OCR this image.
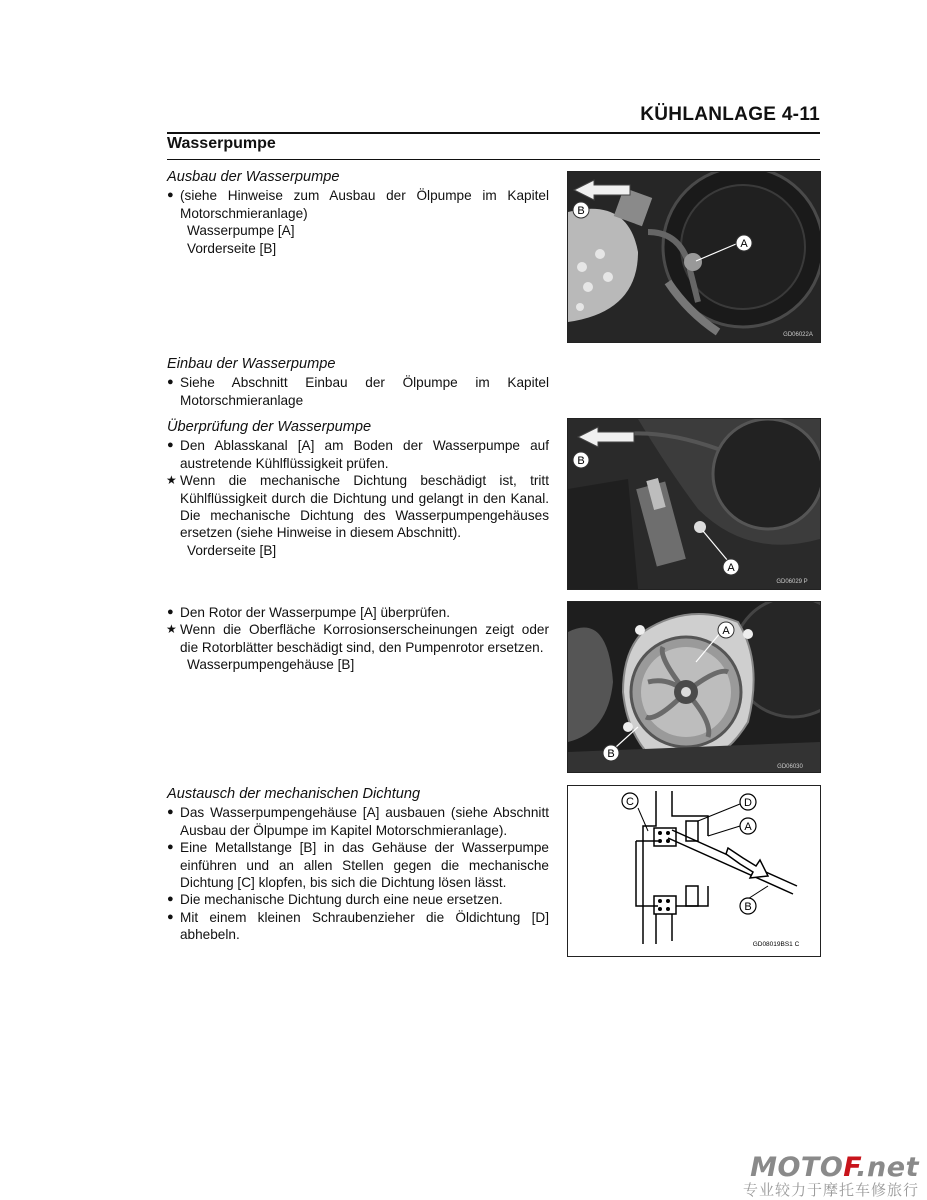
KÜHLANLAGE 4-11
Wasserpumpe
Ausbau der Wasserpumpe
● (siehe Hinweise zum Ausbau der Ölpumpe im Kapitel Motorschmieranlage)
Wasserpumpe [A]
Vorderseite [B]
Einbau der Wasserpumpe
● Siehe Abschnitt Einbau der Ölpumpe im Kapitel Motorschmieranlage
Überprüfung der Wasserpumpe
● Den Ablasskanal [A] am Boden der Wasserpumpe auf austretende Kühlflüssigkeit prüfen.
★ Wenn die mechanische Dichtung beschädigt ist, tritt Kühlflüssigkeit durch die Dichtung und gelangt in den Kanal. Die mechanische Dichtung des Wasserpumpengehäuses ersetzen (siehe Hinweise in diesem Abschnitt).
Vorderseite [B]
● Den Rotor der Wasserpumpe [A] überprüfen.
★ Wenn die Oberfläche Korrosionserscheinungen zeigt oder die Rotorblätter beschädigt sind, den Pumpenrotor ersetzen.
Wasserpumpengehäuse [B]
Austausch der mechanischen Dichtung
● Das Wasserpumpengehäuse [A] ausbauen (siehe Abschnitt Ausbau der Ölpumpe im Kapitel Motorschmieranlage).
● Eine Metallstange [B] in das Gehäuse der Wasserpumpe einführen und an allen Stellen gegen die mechanische Dichtung [C] klopfen, bis sich die Dichtung lösen lässt.
● Die mechanische Dichtung durch eine neue ersetzen.
● Mit einem kleinen Schraubenzieher die Öldichtung [D] abhebeln.
A
B
GD06022A
A
B
GD06029 P
A
B
GD06030
C	D
A
B
GD08019BS1 C
MOTOF.net
专业较力于摩托车修旅行
